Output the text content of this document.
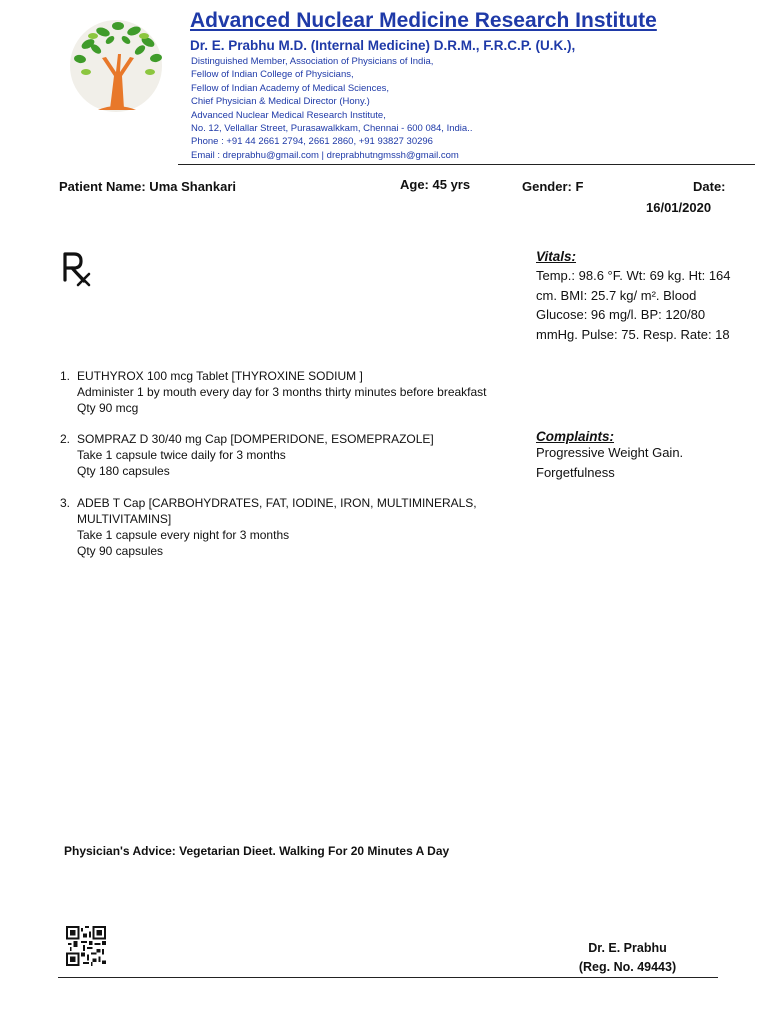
Advanced Nuclear Medicine Research Institute
Dr. E. Prabhu M.D. (Internal Medicine) D.R.M., F.R.C.P. (U.K.),
Distinguished Member, Association of Physicians of India,
Fellow of Indian College of Physicians,
Fellow of Indian Academy of Medical Sciences,
Chief Physician & Medical Director (Hony.)
Advanced Nuclear Medical Research Institute,
No. 12, Vellallar Street, Purasawalkkam, Chennai - 600 084, India..
Phone : +91 44 2661 2794, 2661 2860, +91 93827 30296
Email : dreprabhu@gmail.com | dreprabhutngmssh@gmail.com
Patient Name: Uma Shankari	Age: 45 yrs	Gender: F	Date:
16/01/2020
Vitals:
Temp.: 98.6 °F. Wt: 69 kg. Ht: 164 cm. BMI: 25.7 kg/ m². Blood Glucose: 96 mg/l. BP: 120/80 mmHg. Pulse: 75. Resp. Rate: 18
Complaints:
Progressive Weight Gain.
Forgetfulness
1. EUTHYROX 100 mcg Tablet [THYROXINE SODIUM ]
Administer 1 by mouth every day for 3 months thirty minutes before breakfast
Qty 90 mcg
2. SOMPRAZ D 30/40 mg Cap [DOMPERIDONE, ESOMEPRAZOLE]
Take 1 capsule twice daily for 3 months
Qty 180 capsules
3. ADEB T Cap [CARBOHYDRATES, FAT, IODINE, IRON, MULTIMINERALS, MULTIVITAMINS]
Take 1 capsule every night for 3 months
Qty 90 capsules
Physician's Advice: Vegetarian Dieet. Walking For 20 Minutes A Day
Dr. E. Prabhu
(Reg. No. 49443)
